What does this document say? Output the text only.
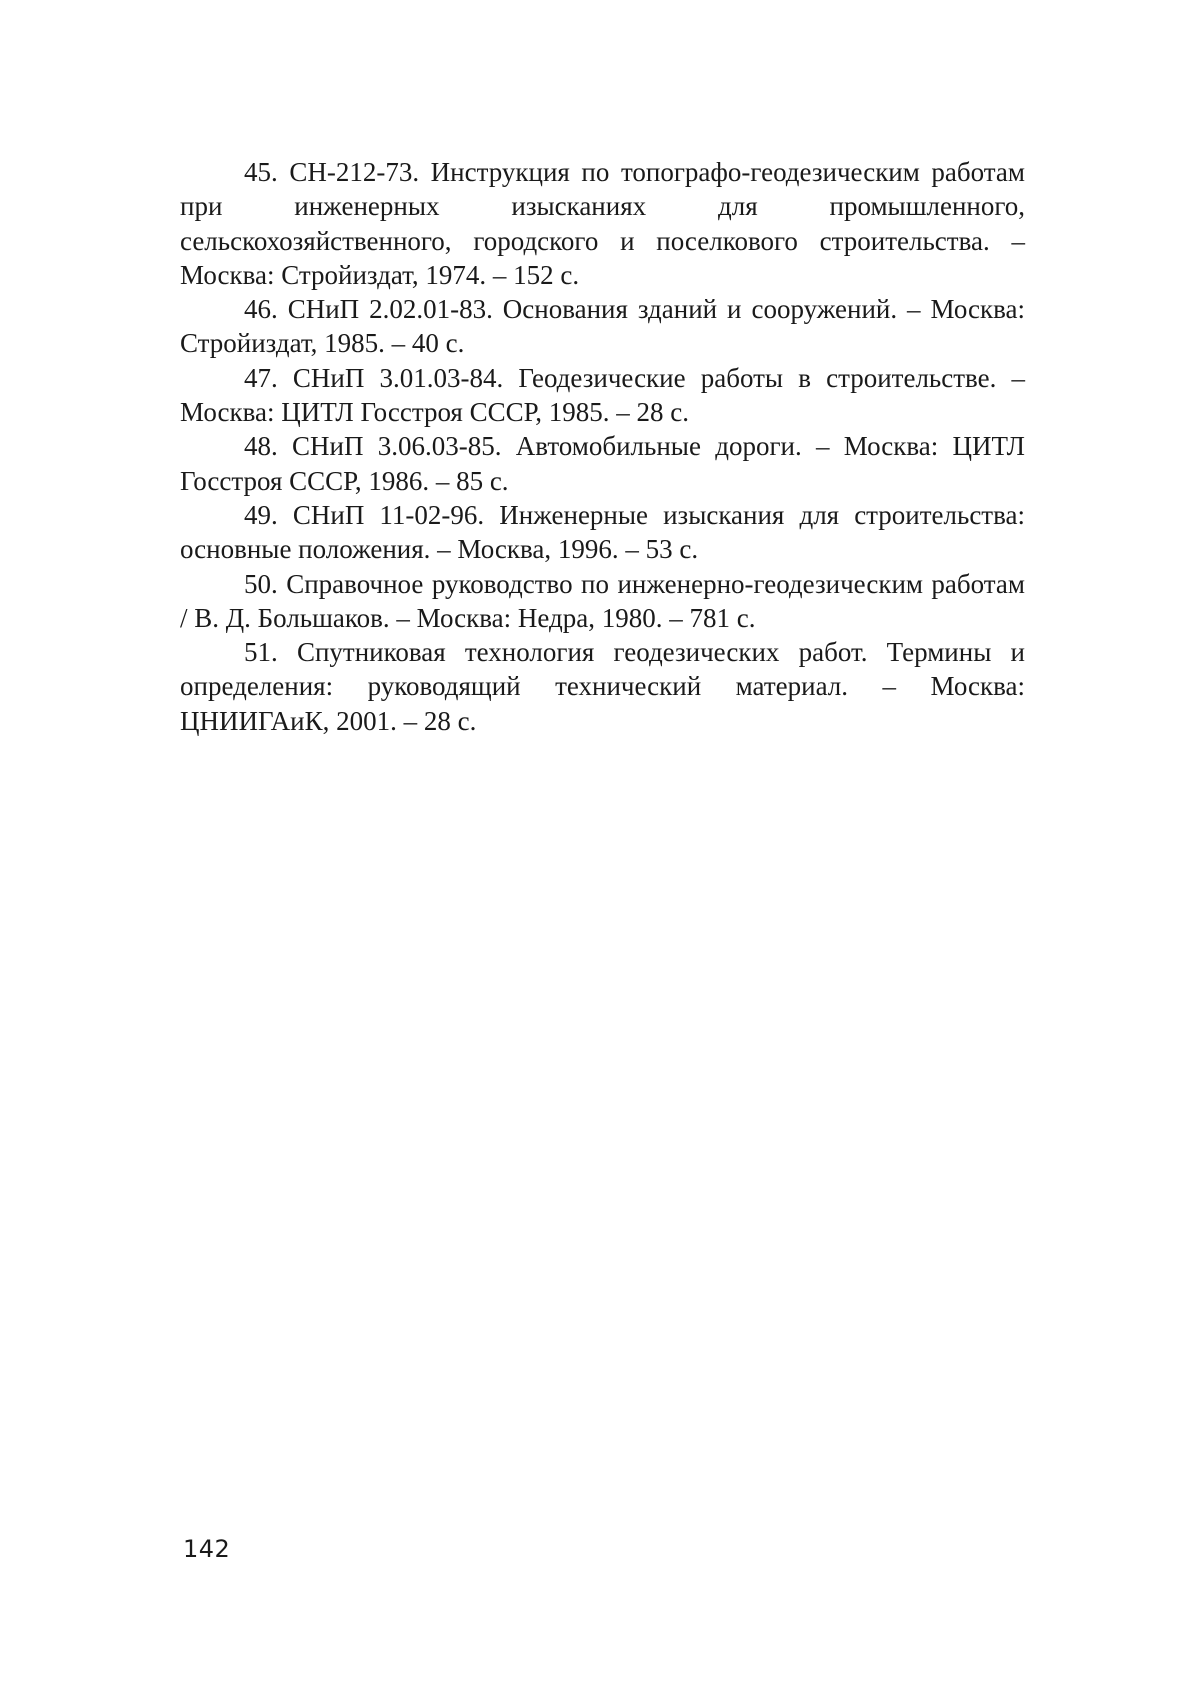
45. СН-212-73. Инструкция по топографо-геодезическим работам при инженерных изысканиях для промышленного, сельскохозяйственного, городского и поселкового строительства. – Москва: Стройиздат, 1974. – 152 с.
46. СНиП 2.02.01-83. Основания зданий и сооружений. – Москва: Стройиздат, 1985. – 40 с.
47. СНиП 3.01.03-84. Геодезические работы в строительстве. – Москва: ЦИТЛ Госстроя СССР, 1985. – 28 с.
48. СНиП 3.06.03-85. Автомобильные дороги. – Москва: ЦИТЛ Госстроя СССР, 1986. – 85 с.
49. СНиП 11-02-96. Инженерные изыскания для строительства: основные положения. – Москва, 1996. – 53 с.
50. Справочное руководство по инженерно-геодезическим работам / В. Д. Большаков. – Москва: Недра, 1980. – 781 с.
51. Спутниковая технология геодезических работ. Термины и определения: руководящий технический материал. – Москва: ЦНИИГАиК, 2001. – 28 с.
142
